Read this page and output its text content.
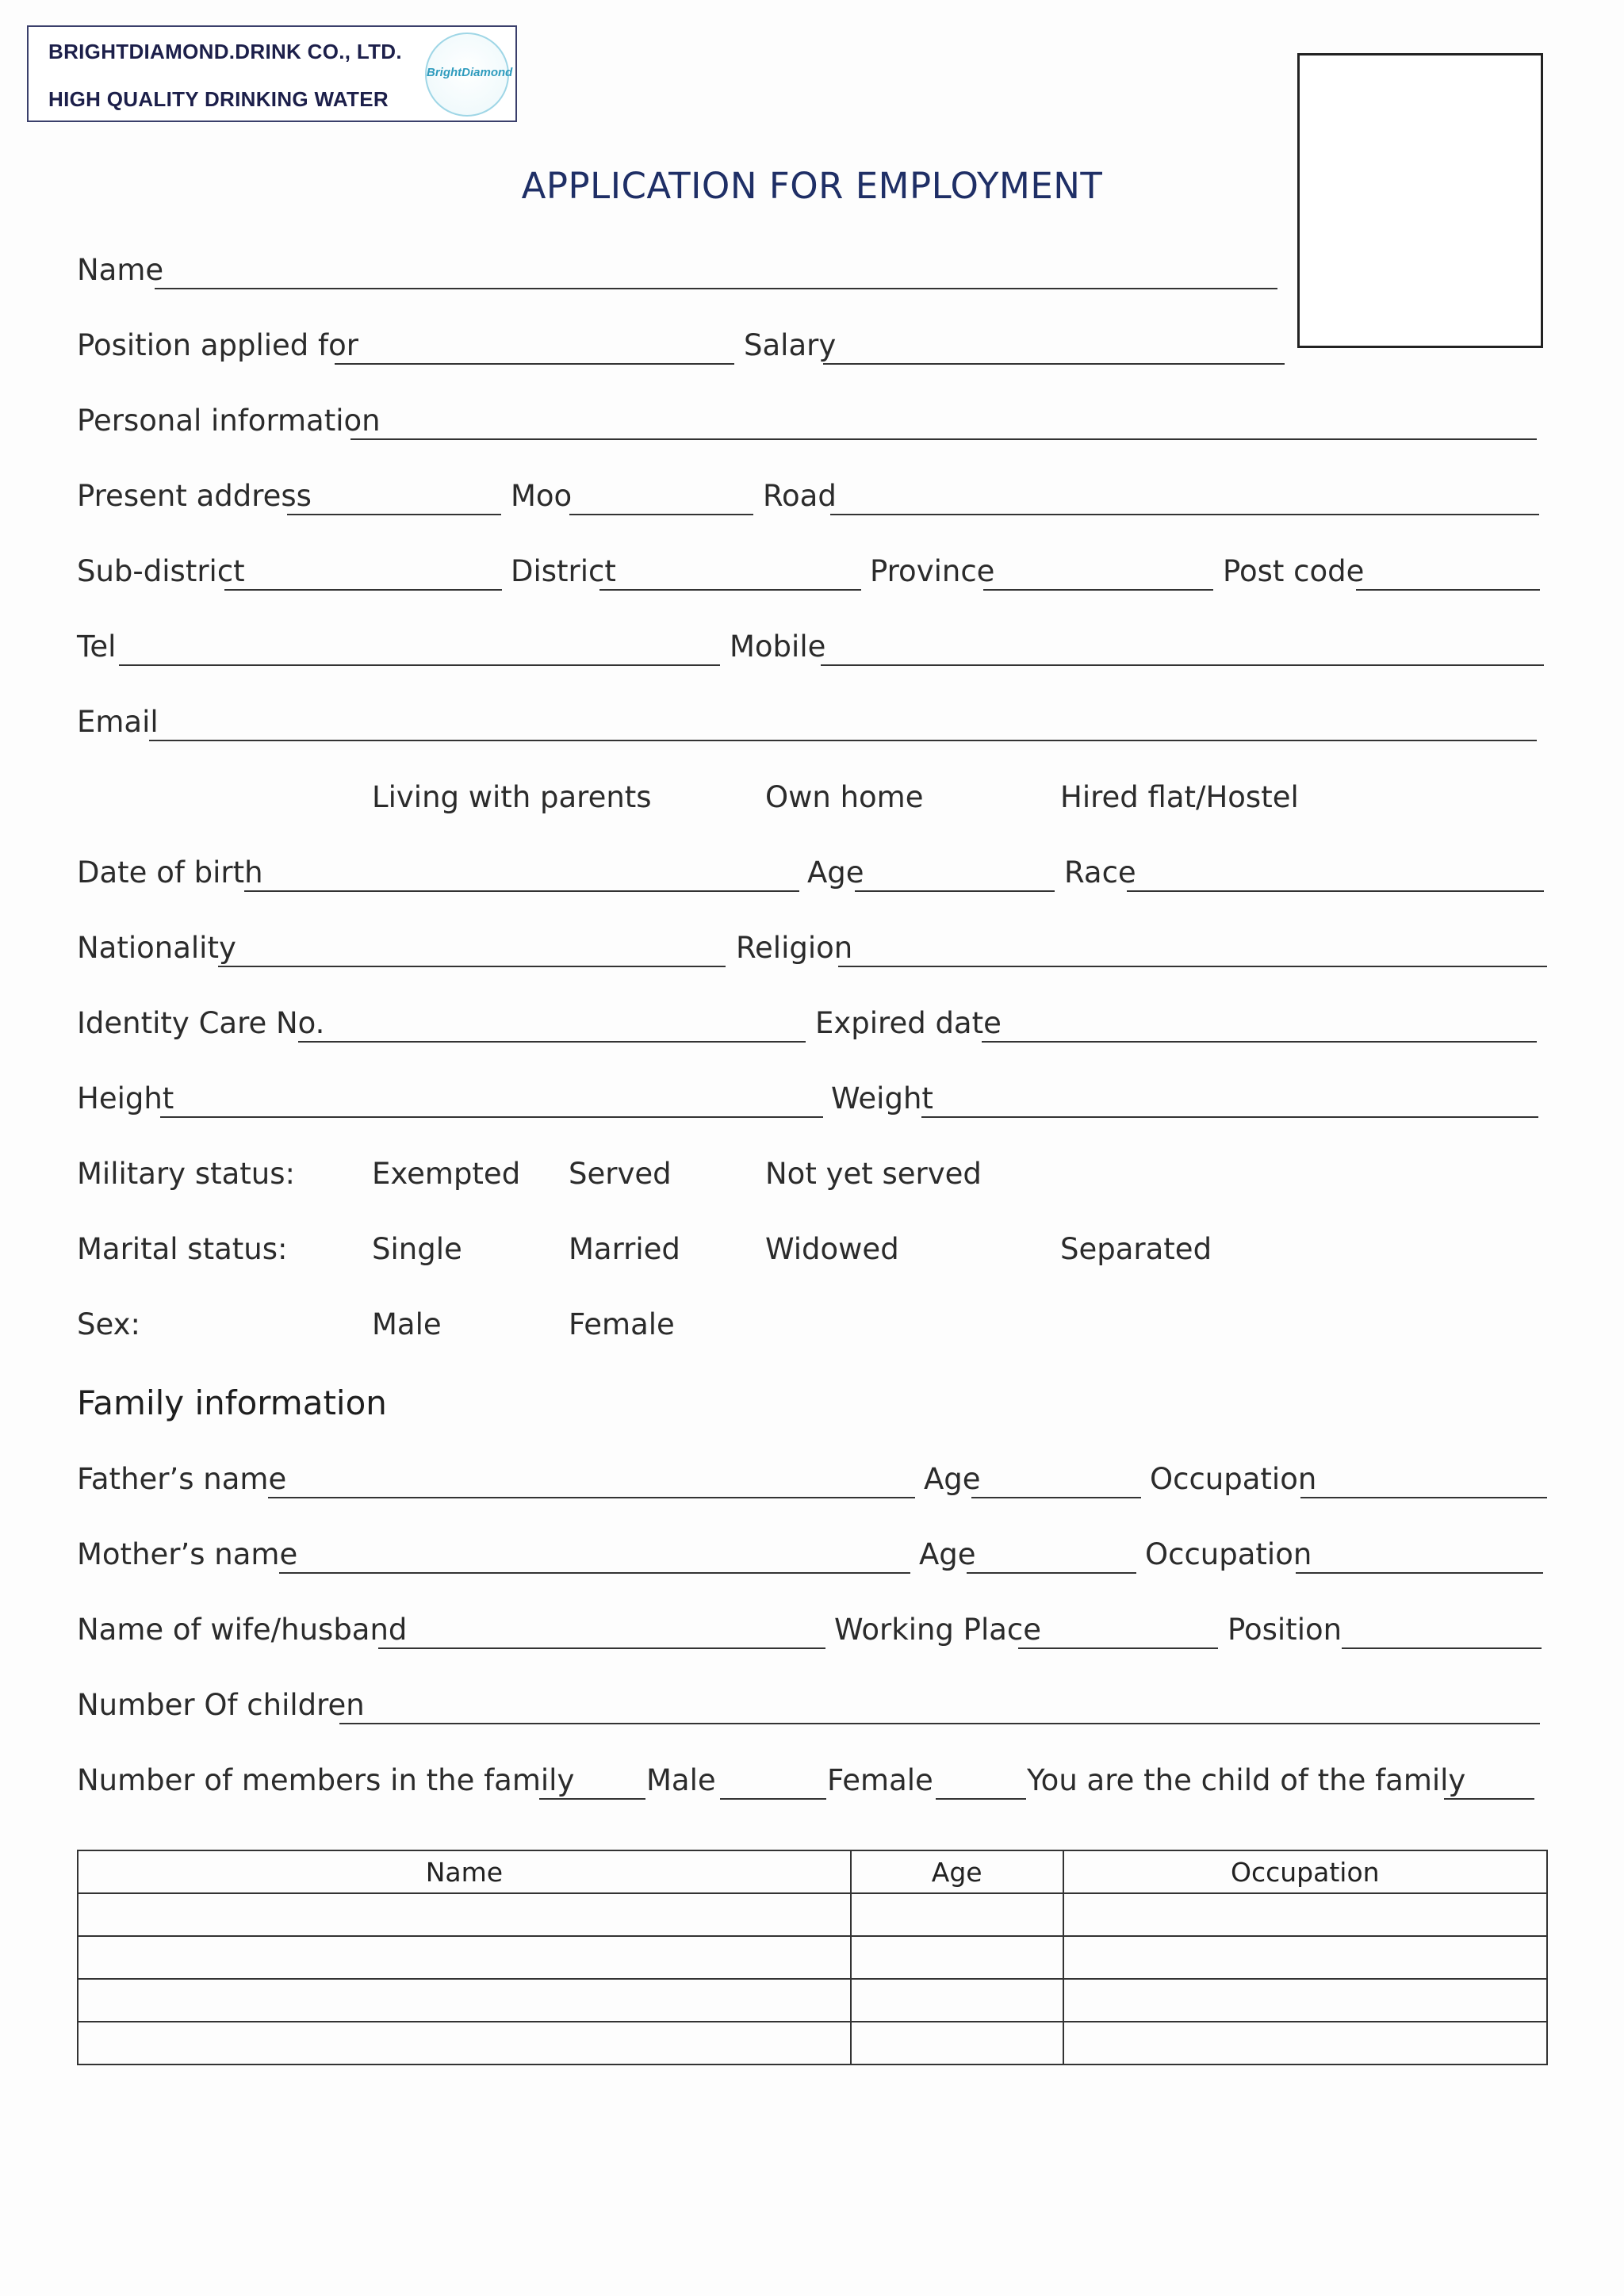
BRIGHTDIAMOND.DRINK CO., LTD.
HIGH QUALITY DRINKING WATER
BrightDiamond
APPLICATION FOR EMPLOYMENT
Name
Position applied for	Salary
Personal information
Present address	Moo	Road
Sub-district	District	Province	Post code
Tel	Mobile
Email
Living with parents	Own home	Hired flat/Hostel
Date of birth	Age	Race
Nationality	Religion
Identity Care No.	Expired date
Height	Weight
Military status:	Exempted Served	Not yet served
Marital status:	Single	Married	Widowed	Separated
Sex:	Male	Female
Family information
Father’s name	Age	Occupation
Mother’s name	Age	Occupation
Name of wife/husband	Working Place	Position
Number Of children
Number of members in the family Male	Female	You are the child of the family
Name	Age	Occupation
